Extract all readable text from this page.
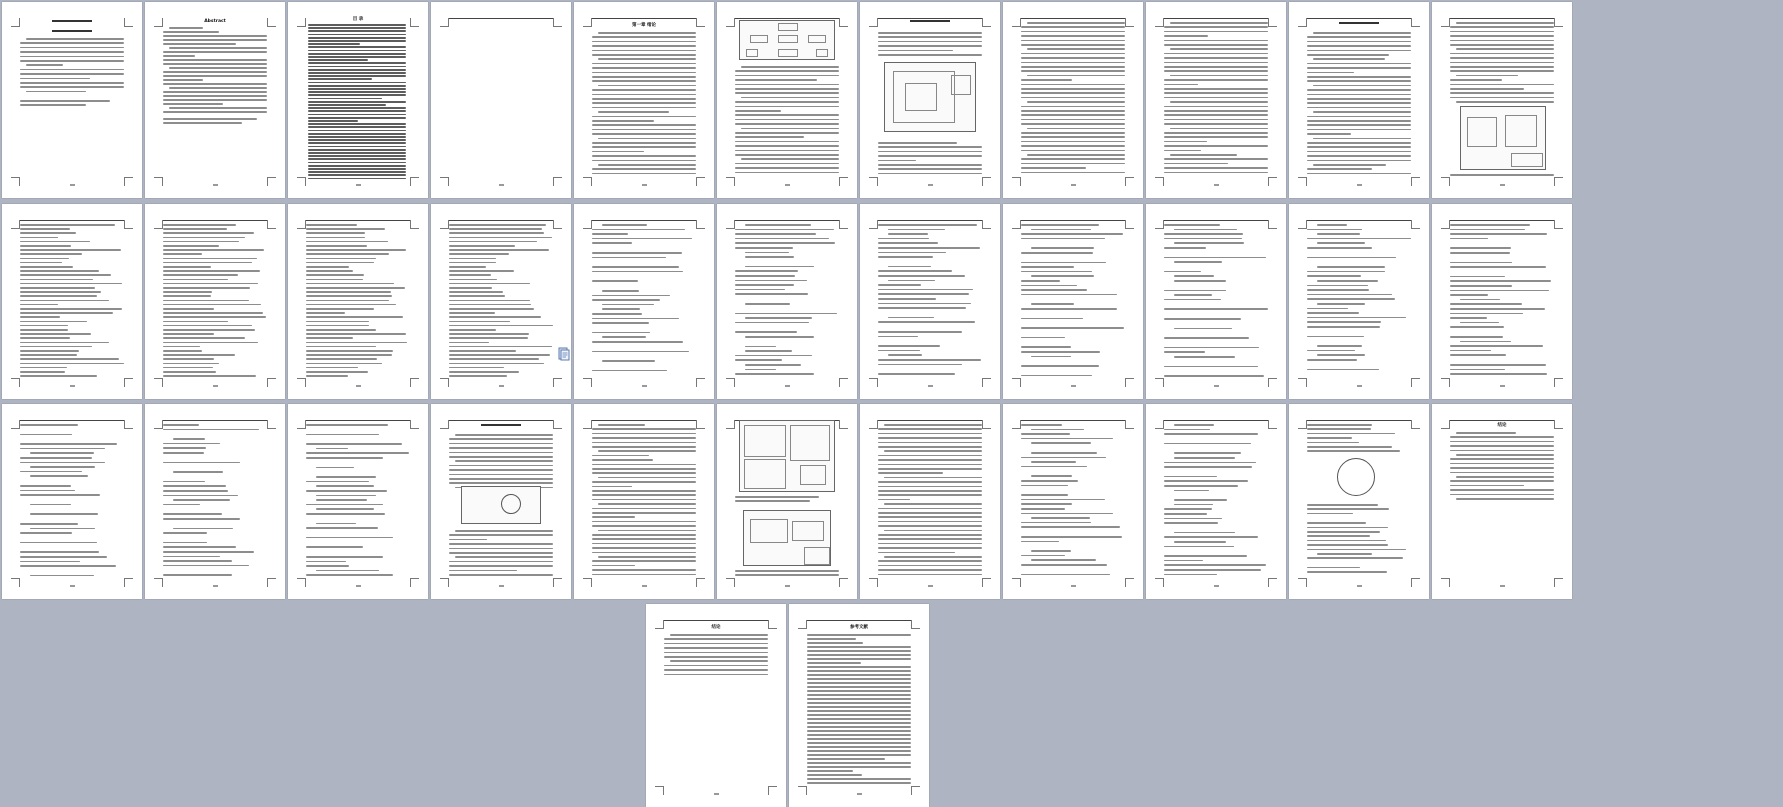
Abstract	目 录
第一章 绪论
结论
结论	参考文献
